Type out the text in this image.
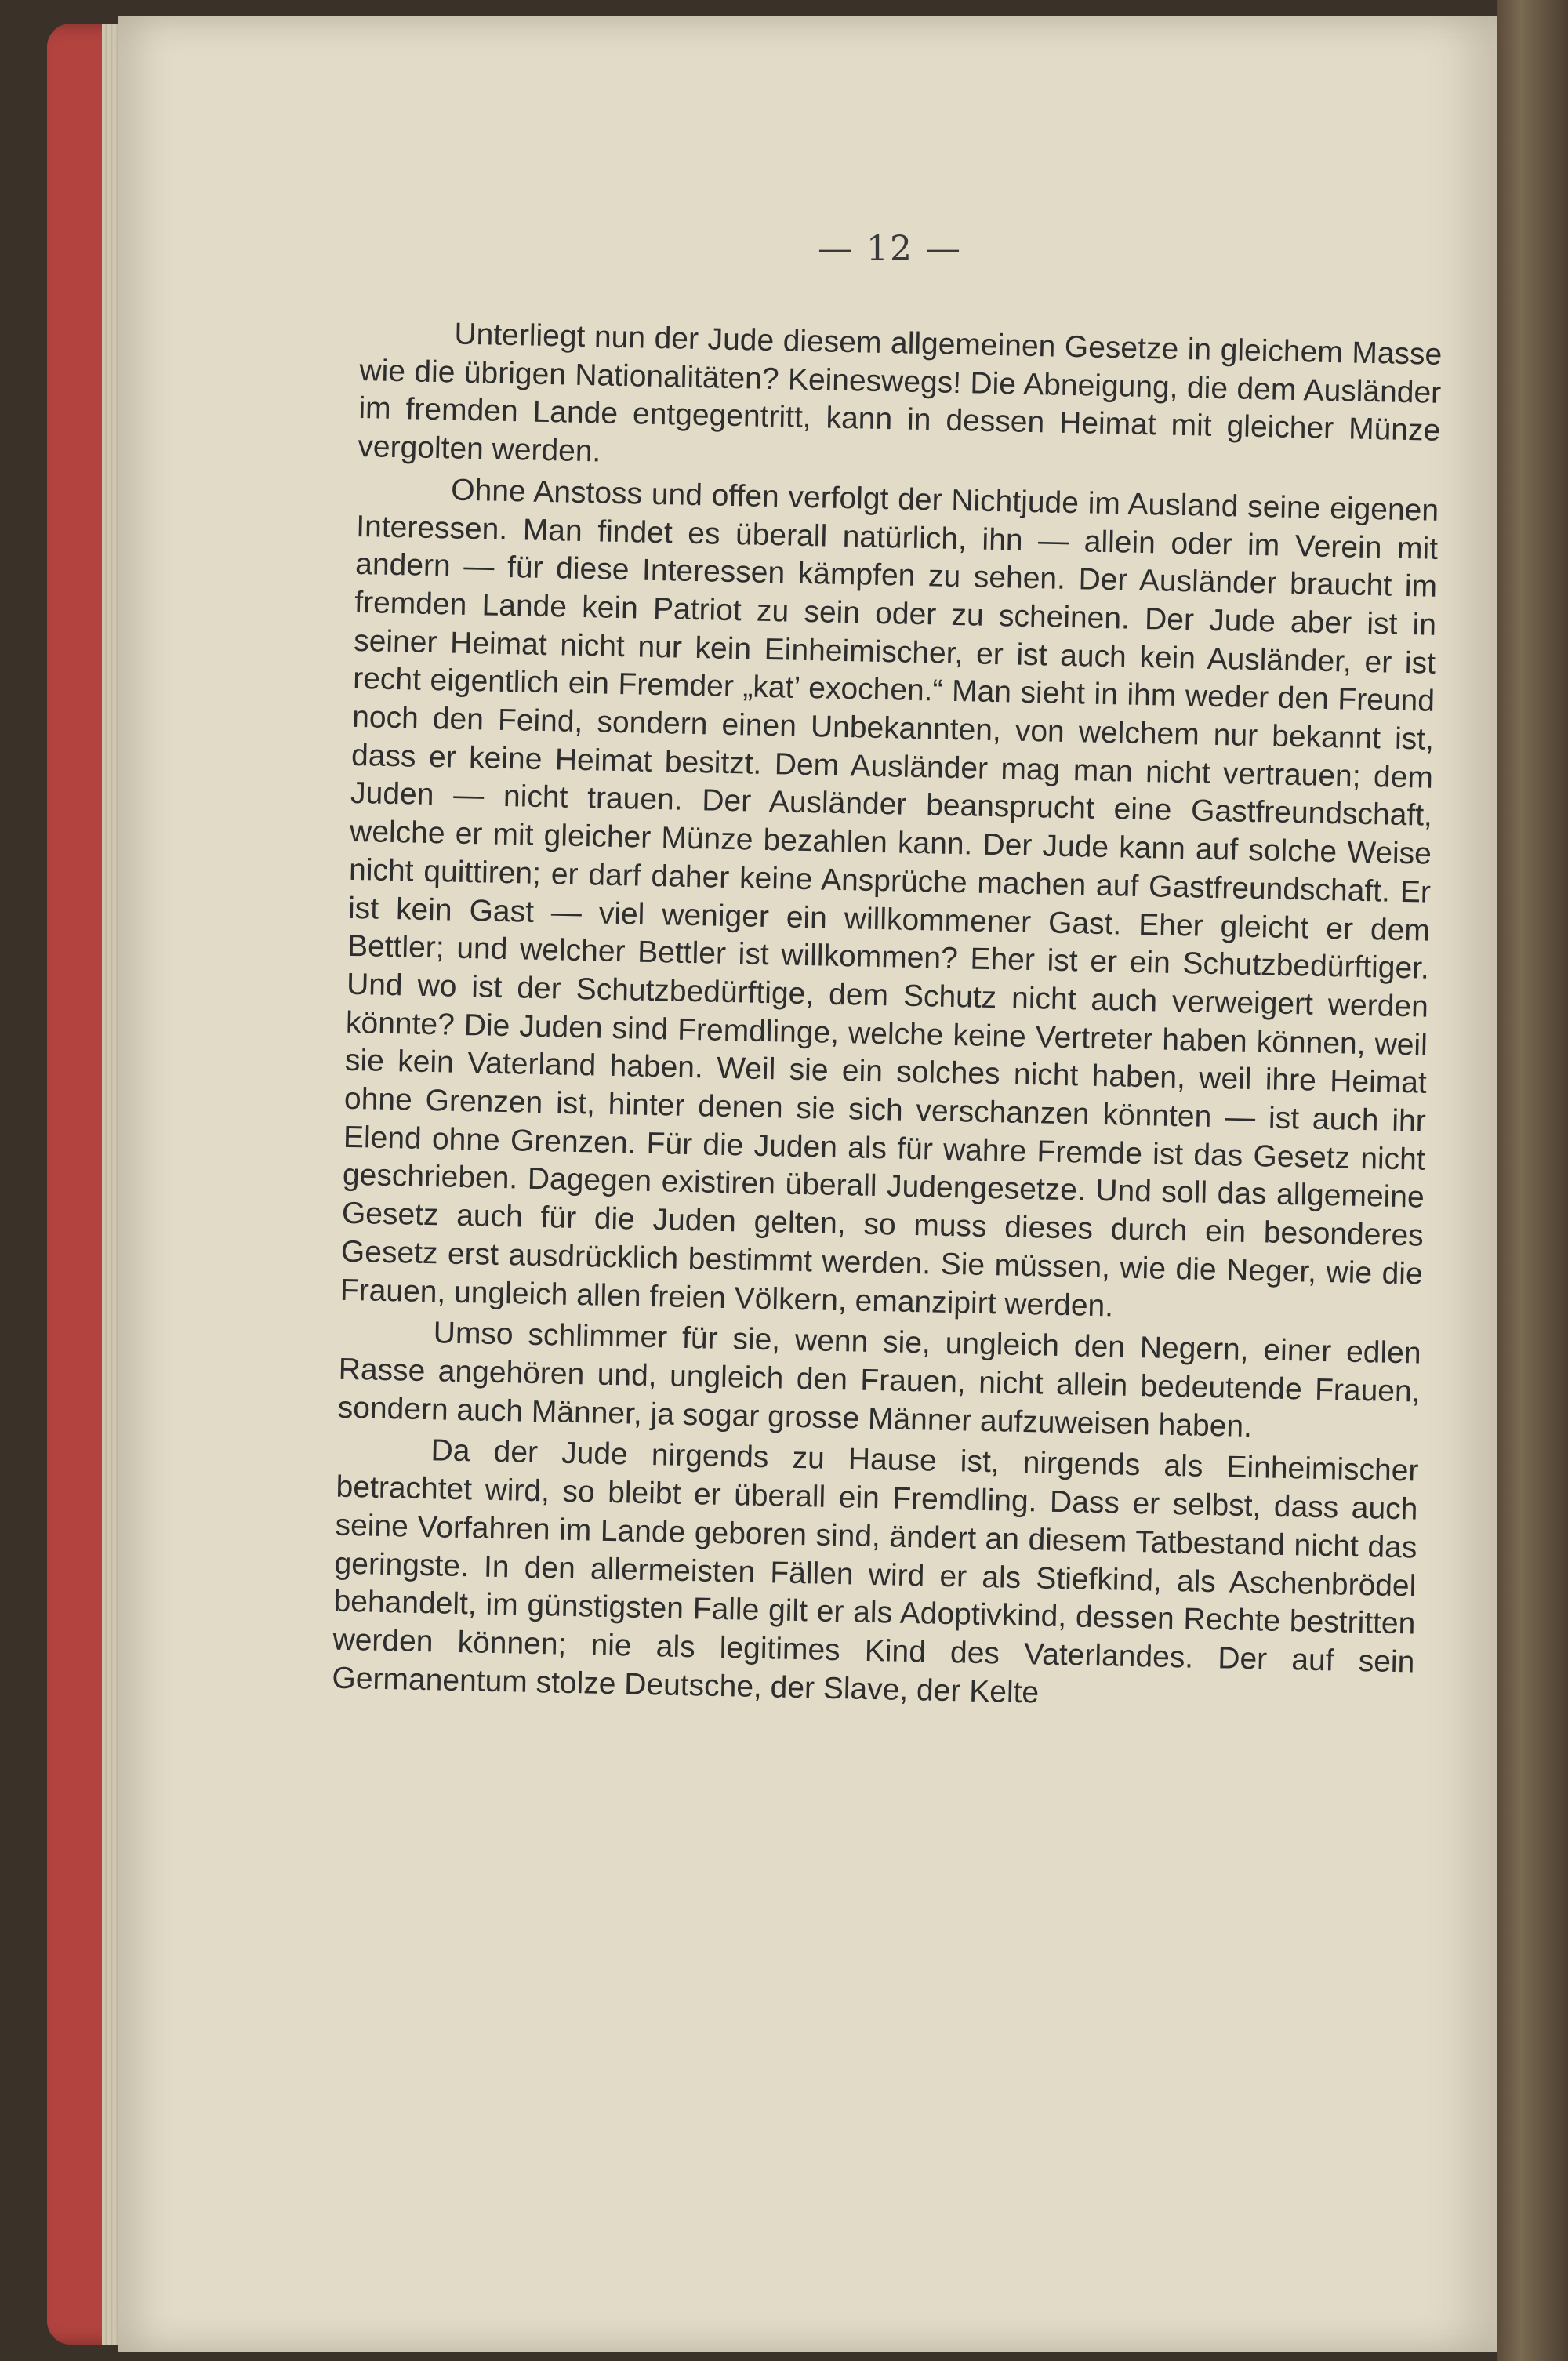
— 12 —

Unterliegt nun der Jude diesem allgemeinen Gesetze in gleichem Masse wie die übrigen Nationalitäten? Keineswegs! Die Abneigung, die dem Ausländer im fremden Lande entgegentritt, kann in dessen Heimat mit gleicher Münze vergolten werden.

Ohne Anstoss und offen verfolgt der Nichtjude im Ausland seine eigenen Interessen. Man findet es überall natürlich, ihn — allein oder im Verein mit andern — für diese Interessen kämpfen zu sehen. Der Ausländer braucht im fremden Lande kein Patriot zu sein oder zu scheinen. Der Jude aber ist in seiner Heimat nicht nur kein Einheimischer, er ist auch kein Ausländer, er ist recht eigentlich ein Fremder „kat’ exochen.“ Man sieht in ihm weder den Freund noch den Feind, sondern einen Unbekannten, von welchem nur bekannt ist, dass er keine Heimat besitzt. Dem Ausländer mag man nicht vertrauen; dem Juden — nicht trauen. Der Ausländer beansprucht eine Gastfreundschaft, welche er mit gleicher Münze bezahlen kann. Der Jude kann auf solche Weise nicht quittiren; er darf daher keine Ansprüche machen auf Gastfreundschaft. Er ist kein Gast — viel weniger ein willkommener Gast. Eher gleicht er dem Bettler; und welcher Bettler ist willkommen? Eher ist er ein Schutzbedürftiger. Und wo ist der Schutzbedürftige, dem Schutz nicht auch verweigert werden könnte? Die Juden sind Fremdlinge, welche keine Vertreter haben können, weil sie kein Vaterland haben. Weil sie ein solches nicht haben, weil ihre Heimat ohne Grenzen ist, hinter denen sie sich verschanzen könnten — ist auch ihr Elend ohne Grenzen. Für die Juden als für wahre Fremde ist das Gesetz nicht geschrieben. Dagegen existiren überall Judengesetze. Und soll das allgemeine Gesetz auch für die Juden gelten, so muss dieses durch ein besonderes Gesetz erst ausdrücklich bestimmt werden. Sie müssen, wie die Neger, wie die Frauen, ungleich allen freien Völkern, emanzipirt werden.

Umso schlimmer für sie, wenn sie, ungleich den Negern, einer edlen Rasse angehören und, ungleich den Frauen, nicht allein bedeutende Frauen, sondern auch Männer, ja sogar grosse Männer aufzuweisen haben.

Da der Jude nirgends zu Hause ist, nirgends als Einheimischer betrachtet wird, so bleibt er überall ein Fremdling. Dass er selbst, dass auch seine Vorfahren im Lande geboren sind, ändert an diesem Tatbestand nicht das geringste. In den allermeisten Fällen wird er als Stiefkind, als Aschenbrödel behandelt, im günstigsten Falle gilt er als Adoptivkind, dessen Rechte bestritten werden können; nie als legitimes Kind des Vaterlandes. Der auf sein Germanentum stolze Deutsche, der Slave, der Kelte
